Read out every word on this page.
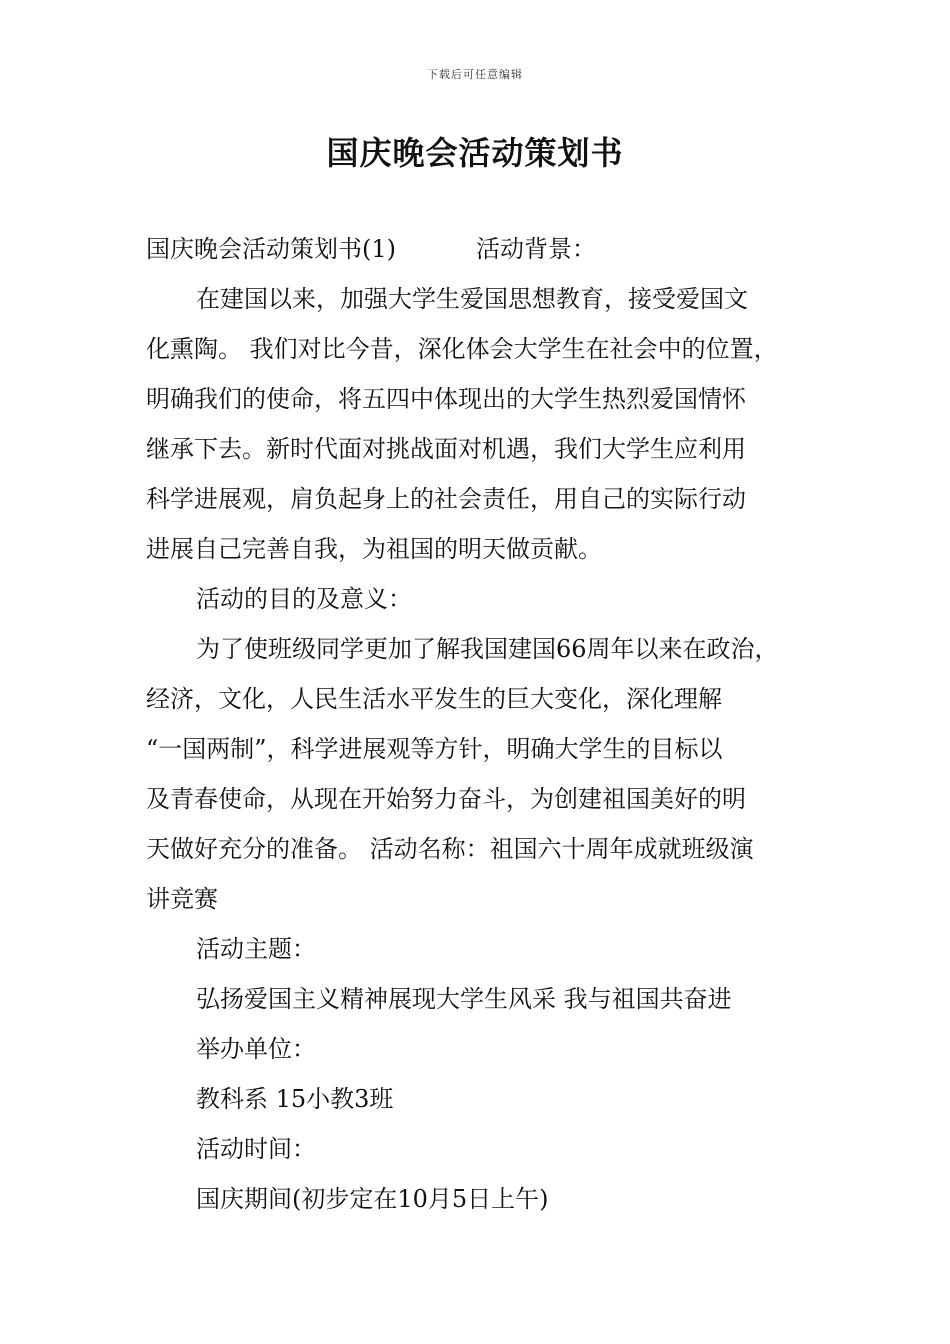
下载后可任意编辑
国庆晚会活动策划书
国庆晚会活动策划书(1)	活动背景：
在建国以来，加强大学生爱国思想教育，接受爱国文
化熏陶。 我们对比今昔，深化体会大学生在社会中的位置，
明确我们的使命，将五四中体现出的大学生热烈爱国情怀
继承下去。新时代面对挑战面对机遇，我们大学生应利用
科学进展观，肩负起身上的社会责任，用自己的实际行动
进展自己完善自我，为祖国的明天做贡献。
活动的目的及意义：
为了使班级同学更加了解我国建国66周年以来在政治，
经济，文化，人民生活水平发生的巨大变化，深化理解
“一国两制”，科学进展观等方针，明确大学生的目标以
及青春使命，从现在开始努力奋斗，为创建祖国美好的明
天做好充分的准备。 活动名称：祖国六十周年成就班级演
讲竞赛
活动主题：
弘扬爱国主义精神展现大学生风采 我与祖国共奋进
举办单位：
教科系 15小教3班
活动时间：
国庆期间(初步定在10月5日上午)
